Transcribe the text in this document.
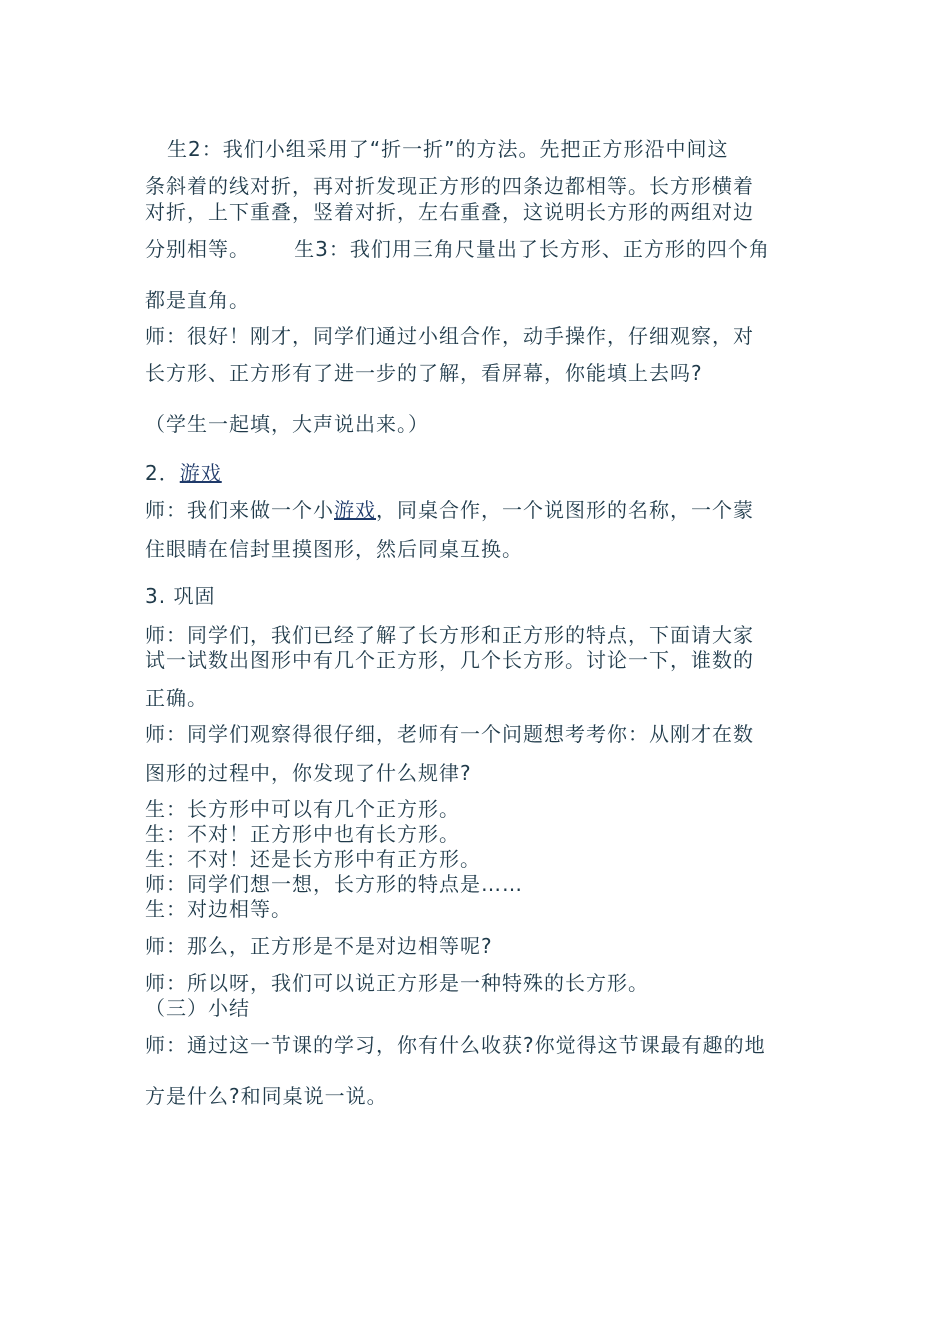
生2：我们小组采用了“折一折”的方法。先把正方形沿中间这
条斜着的线对折，再对折发现正方形的四条边都相等。长方形横着
对折，上下重叠，竖着对折，左右重叠，这说明长方形的两组对边
分别相等。      生3：我们用三角尺量出了长方形、正方形的四个角
都是直角。
师：很好！刚才，同学们通过小组合作，动手操作，仔细观察，对
长方形、正方形有了进一步的了解，看屏幕，你能填上去吗?
（学生一起填，大声说出来。）
2．游戏
师：我们来做一个小游戏，同桌合作，一个说图形的名称，一个蒙
住眼睛在信封里摸图形，然后同桌互换。
3. 巩固
师：同学们，我们已经了解了长方形和正方形的特点，下面请大家
试一试数出图形中有几个正方形，几个长方形。讨论一下，谁数的
正确。
师：同学们观察得很仔细，老师有一个问题想考考你：从刚才在数
图形的过程中，你发现了什么规律?
生：长方形中可以有几个正方形。
生：不对！正方形中也有长方形。
生：不对！还是长方形中有正方形。
师：同学们想一想，长方形的特点是……
生：对边相等。
师：那么，正方形是不是对边相等呢?
师：所以呀，我们可以说正方形是一种特殊的长方形。
（三）小结
师：通过这一节课的学习，你有什么收获?你觉得这节课最有趣的地
方是什么?和同桌说一说。
